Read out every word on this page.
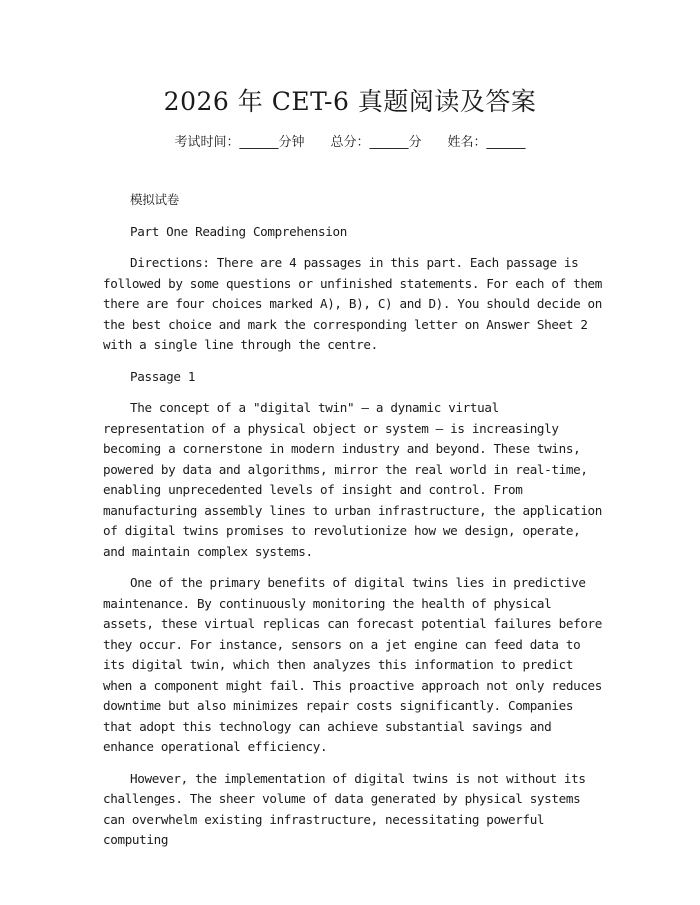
2026 年 CET-6 真题阅读及答案
考试时间：______分钟 总分：______分 姓名：______

模拟试卷

Part One Reading Comprehension

Directions: There are 4 passages in this part. Each passage is followed by some questions or unfinished statements. For each of them there are four choices marked A), B), C) and D). You should decide on the best choice and mark the corresponding letter on Answer Sheet 2 with a single line through the centre.

Passage 1

The concept of a "digital twin" — a dynamic virtual representation of a physical object or system — is increasingly becoming a cornerstone in modern industry and beyond. These twins, powered by data and algorithms, mirror the real world in real-time, enabling unprecedented levels of insight and control. From manufacturing assembly lines to urban infrastructure, the application of digital twins promises to revolutionize how we design, operate, and maintain complex systems.

One of the primary benefits of digital twins lies in predictive maintenance. By continuously monitoring the health of physical assets, these virtual replicas can forecast potential failures before they occur. For instance, sensors on a jet engine can feed data to its digital twin, which then analyzes this information to predict when a component might fail. This proactive approach not only reduces downtime but also minimizes repair costs significantly. Companies that adopt this technology can achieve substantial savings and enhance operational efficiency.

However, the implementation of digital twins is not without its challenges. The sheer volume of data generated by physical systems can overwhelm existing infrastructure, necessitating powerful computing
